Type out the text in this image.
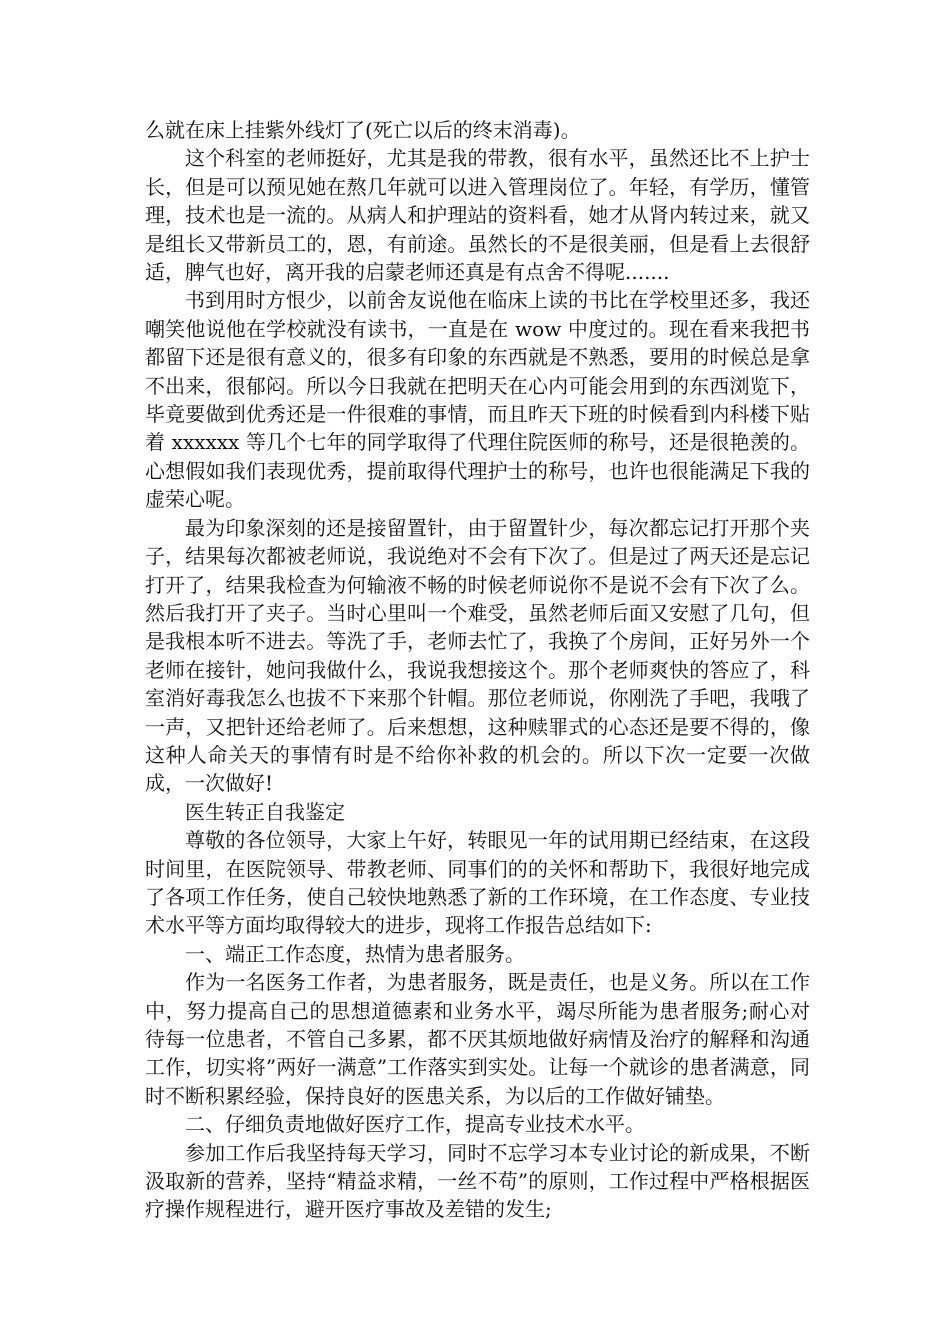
么就在床上挂紫外线灯了(死亡以后的终末消毒)。

这个科室的老师挺好，尤其是我的带教，很有水平，虽然还比不上护士长，但是可以预见她在熬几年就可以进入管理岗位了。年轻，有学历，懂管理，技术也是一流的。从病人和护理站的资料看，她才从肾内转过来，就又是组长又带新员工的，恩，有前途。虽然长的不是很美丽，但是看上去很舒适，脾气也好，离开我的启蒙老师还真是有点舍不得呢.......

书到用时方恨少，以前舍友说他在临床上读的书比在学校里还多，我还嘲笑他说他在学校就没有读书，一直是在 wow 中度过的。现在看来我把书都留下还是很有意义的，很多有印象的东西就是不熟悉，要用的时候总是拿不出来，很郁闷。所以今日我就在把明天在心内可能会用到的东西浏览下，毕竟要做到优秀还是一件很难的事情，而且昨天下班的时候看到内科楼下贴着 xxxxxx 等几个七年的同学取得了代理住院医师的称号，还是很艳羡的。心想假如我们表现优秀，提前取得代理护士的称号，也许也很能满足下我的虚荣心呢。

最为印象深刻的还是接留置针，由于留置针少，每次都忘记打开那个夹子，结果每次都被老师说，我说绝对不会有下次了。但是过了两天还是忘记打开了，结果我检查为何输液不畅的时候老师说你不是说不会有下次了么。然后我打开了夹子。当时心里叫一个难受，虽然老师后面又安慰了几句，但是我根本听不进去。等洗了手，老师去忙了，我换了个房间，正好另外一个老师在接针，她问我做什么，我说我想接这个。那个老师爽快的答应了，科室消好毒我怎么也拔不下来那个针帽。那位老师说，你刚洗了手吧，我哦了一声，又把针还给老师了。后来想想，这种赎罪式的心态还是要不得的，像这种人命关天的事情有时是不给你补救的机会的。所以下次一定要一次做成，一次做好!

医生转正自我鉴定

尊敬的各位领导，大家上午好，转眼见一年的试用期已经结束，在这段时间里，在医院领导、带教老师、同事们的的关怀和帮助下，我很好地完成了各项工作任务，使自己较快地熟悉了新的工作环境，在工作态度、专业技术水平等方面均取得较大的进步，现将工作报告总结如下:

一、端正工作态度，热情为患者服务。

作为一名医务工作者，为患者服务，既是责任，也是义务。所以在工作中，努力提高自己的思想道德素和业务水平，竭尽所能为患者服务;耐心对待每一位患者，不管自己多累，都不厌其烦地做好病情及治疗的解释和沟通工作，切实将”两好一满意”工作落实到实处。让每一个就诊的患者满意，同时不断积累经验，保持良好的医患关系，为以后的工作做好铺垫。

二、仔细负责地做好医疗工作，提高专业技术水平。

参加工作后我坚持每天学习，同时不忘学习本专业讨论的新成果，不断汲取新的营养，坚持“精益求精，一丝不苟”的原则，工作过程中严格根据医疗操作规程进行，避开医疗事故及差错的发生;
